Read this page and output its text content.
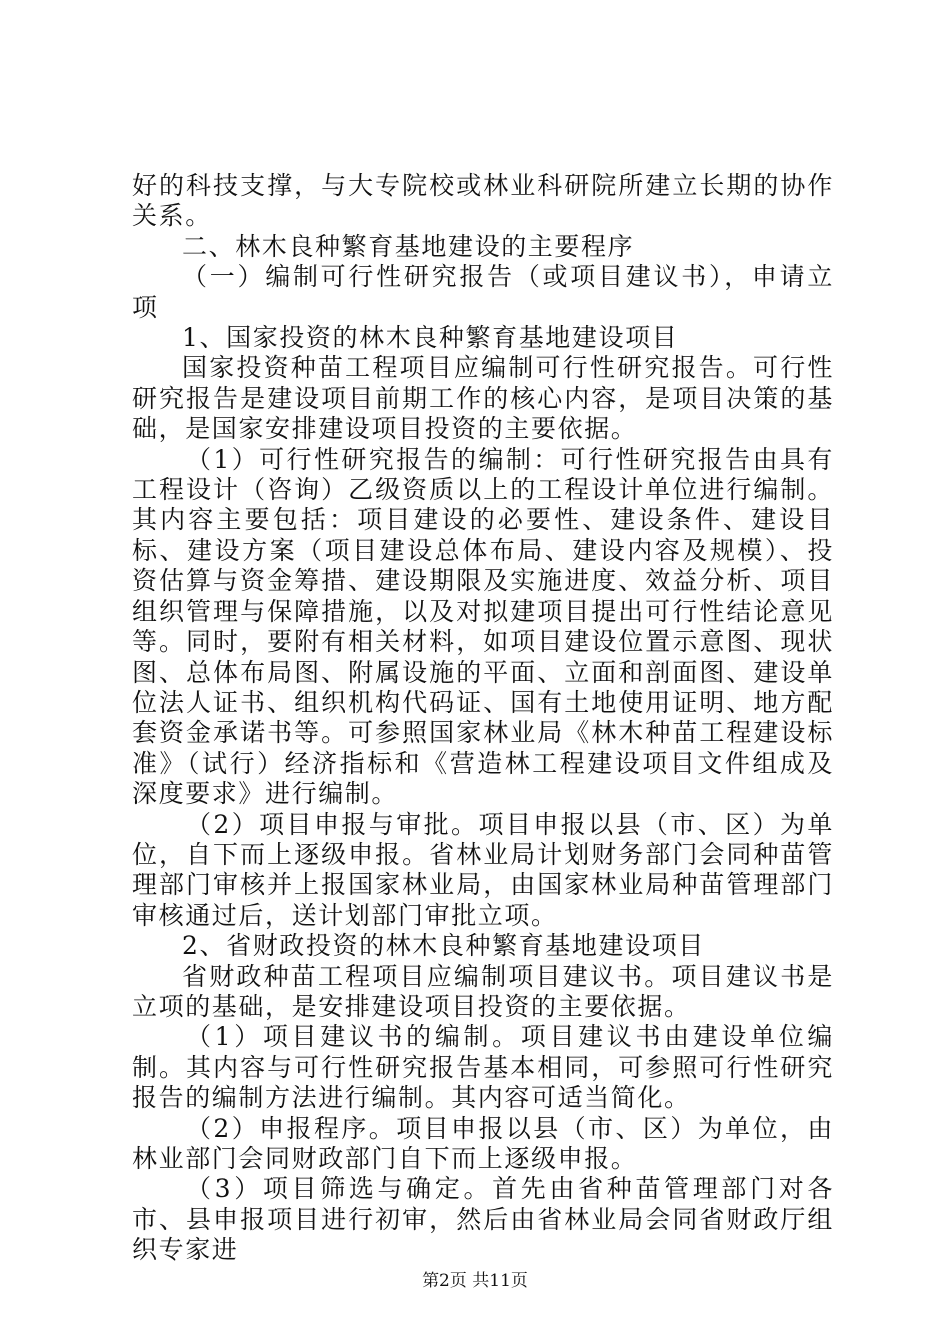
好的科技支撑，与大专院校或林业科研院所建立长期的协作关系。

二、林木良种繁育基地建设的主要程序

（一）编制可行性研究报告（或项目建议书），申请立项

1、国家投资的林木良种繁育基地建设项目

国家投资种苗工程项目应编制可行性研究报告。可行性研究报告是建设项目前期工作的核心内容，是项目决策的基础，是国家安排建设项目投资的主要依据。

（1）可行性研究报告的编制：可行性研究报告由具有工程设计（咨询）乙级资质以上的工程设计单位进行编制。其内容主要包括：项目建设的必要性、建设条件、建设目标、建设方案（项目建设总体布局、建设内容及规模）、投资估算与资金筹措、建设期限及实施进度、效益分析、项目组织管理与保障措施，以及对拟建项目提出可行性结论意见等。同时，要附有相关材料，如项目建设位置示意图、现状图、总体布局图、附属设施的平面、立面和剖面图、建设单位法人证书、组织机构代码证、国有土地使用证明、地方配套资金承诺书等。可参照国家林业局《林木种苗工程建设标准》（试行）经济指标和《营造林工程建设项目文件组成及深度要求》进行编制。

（2）项目申报与审批。项目申报以县（市、区）为单位，自下而上逐级申报。省林业局计划财务部门会同种苗管理部门审核并上报国家林业局，由国家林业局种苗管理部门审核通过后，送计划部门审批立项。

2、省财政投资的林木良种繁育基地建设项目

省财政种苗工程项目应编制项目建议书。项目建议书是立项的基础，是安排建设项目投资的主要依据。

（1）项目建议书的编制。项目建议书由建设单位编制。其内容与可行性研究报告基本相同，可参照可行性研究报告的编制方法进行编制。其内容可适当简化。

（2）申报程序。项目申报以县（市、区）为单位，由林业部门会同财政部门自下而上逐级申报。

（3）项目筛选与确定。首先由省种苗管理部门对各市、县申报项目进行初审，然后由省林业局会同省财政厅组织专家进

第2页 共11页
